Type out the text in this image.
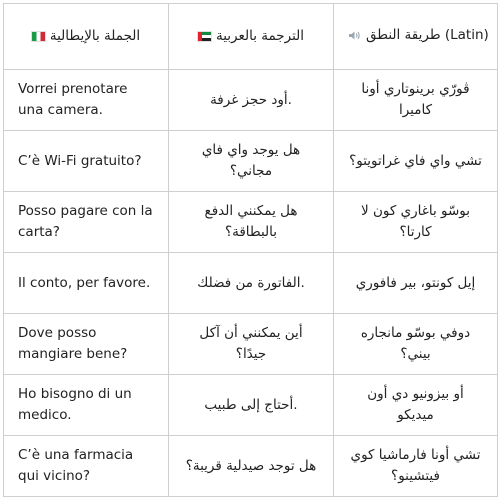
الجملة بالإيطالية	الترجمة بالعربية	(Latin) طريقة النطق

Vorrei prenotare una camera.	.أود حجز غرفة	ڤورّي برينوتاري أونا كاميرا
C’è Wi-Fi gratuito?	هل يوجد واي فاي مجاني؟	تشي واي فاي غراتويتو؟
Posso pagare con la carta?	هل يمكنني الدفع بالبطاقة؟	بوسّو باغاري كون لا كارتا؟
Il conto, per favore.	.الفاتورة من فضلك	إيل كونتو، بير فافوري
Dove posso mangiare bene?	أين يمكنني أن آكل جيدًا؟	دوفي بوسّو مانجاره بيني؟
Ho bisogno di un medico.	.أحتاج إلى طبيب	أو بيزونيو دي أون ميديكو
C’è una farmacia qui vicino?	هل توجد صيدلية قريبة؟	تشي أونا فارماشيا كوي فيتشينو؟
